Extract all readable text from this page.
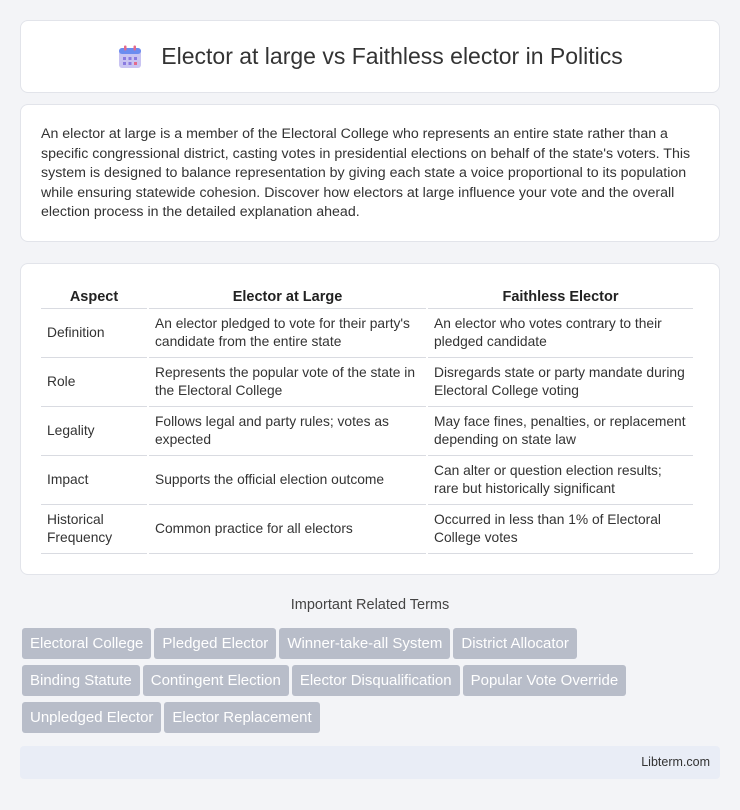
Elector at large vs Faithless elector in Politics

An elector at large is a member of the Electoral College who represents an entire state rather than a specific congressional district, casting votes in presidential elections on behalf of the state's voters. This system is designed to balance representation by giving each state a voice proportional to its population while ensuring statewide cohesion. Discover how electors at large influence your vote and the overall election process in the detailed explanation ahead.

Aspect	Elector at Large	Faithless Elector
Definition	An elector pledged to vote for their party's candidate from the entire state	An elector who votes contrary to their pledged candidate
Role	Represents the popular vote of the state in the Electoral College	Disregards state or party mandate during Electoral College voting
Legality	Follows legal and party rules; votes as expected	May face fines, penalties, or replacement depending on state law
Impact	Supports the official election outcome	Can alter or question election results; rare but historically significant
Historical Frequency	Common practice for all electors	Occurred in less than 1% of Electoral College votes
Important Related Terms
Electoral College Pledged Elector Winner-take-all System District Allocator
Binding Statute Contingent Election Elector Disqualification Popular Vote Override
Unpledged Elector Elector Replacement
Libterm.com
